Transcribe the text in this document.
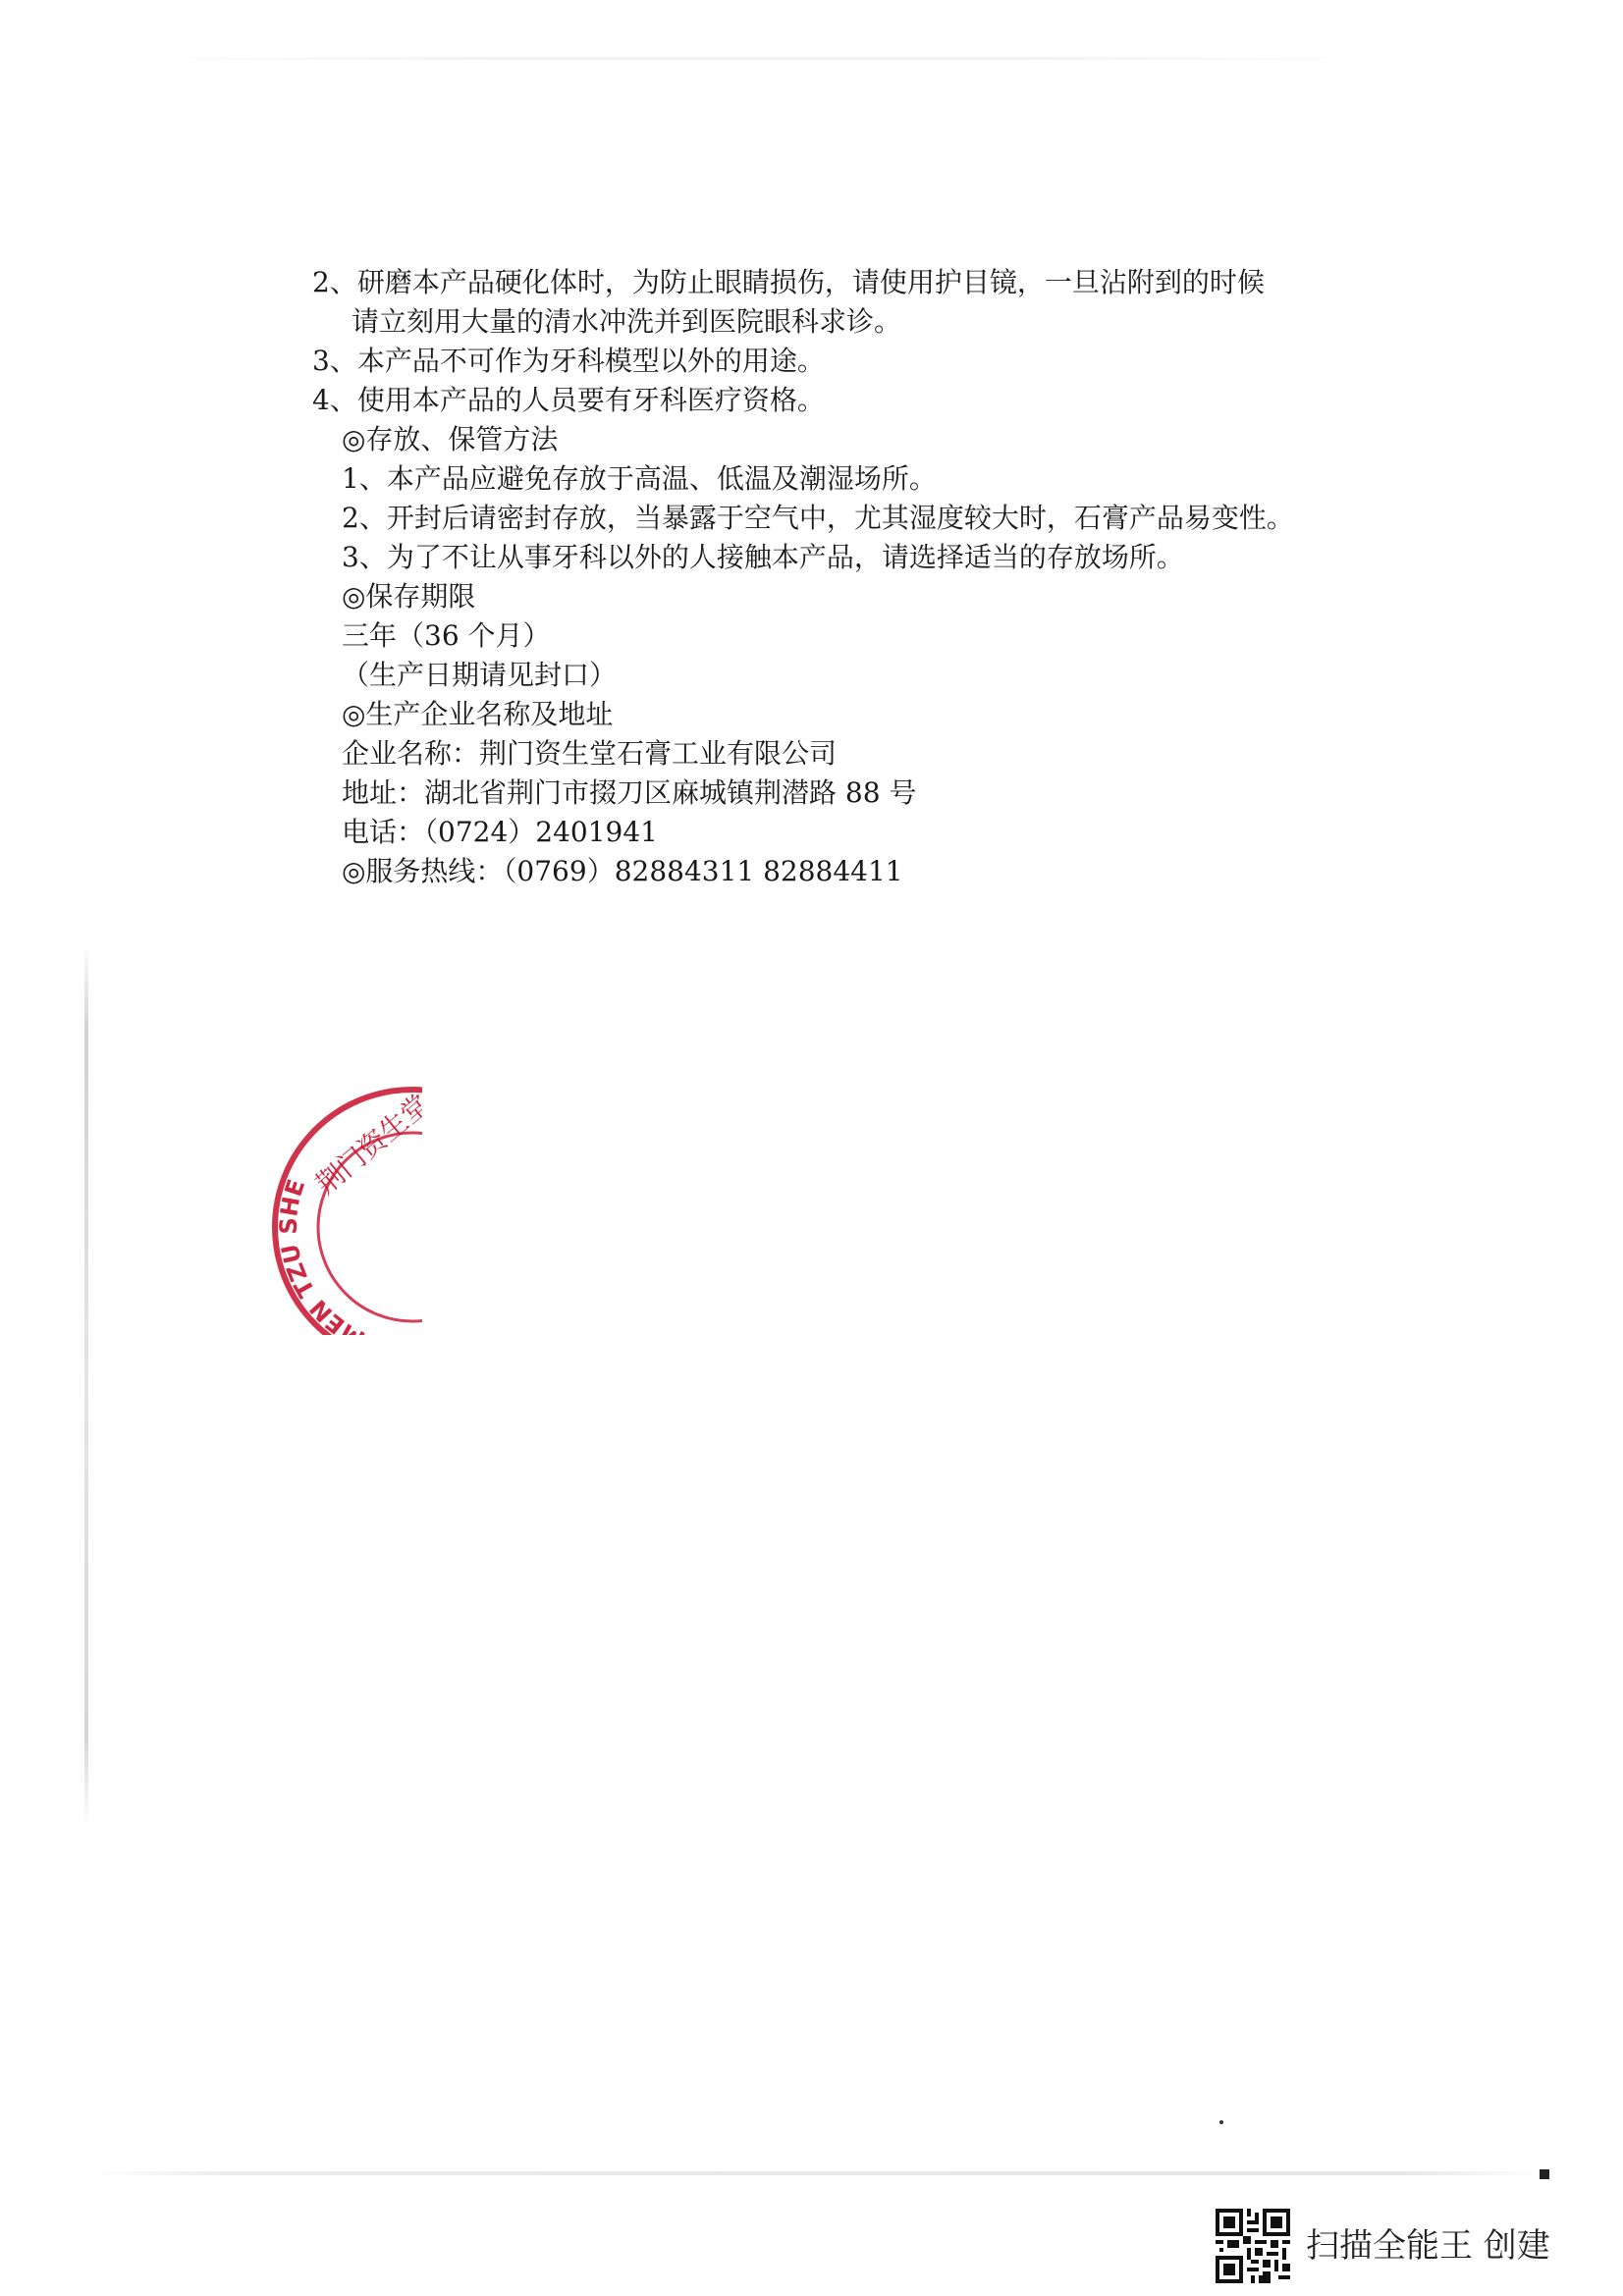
2、研磨本产品硬化体时，为防止眼睛损伤，请使用护目镜，一旦沾附到的时候
请立刻用大量的清水冲洗并到医院眼科求诊。
3、本产品不可作为牙科模型以外的用途。
4、使用本产品的人员要有牙科医疗资格。
◎存放、保管方法
1、本产品应避免存放于高温、低温及潮湿场所。
2、开封后请密封存放，当暴露于空气中，尤其湿度较大时，石膏产品易变性。
3、为了不让从事牙科以外的人接触本产品，请选择适当的存放场所。
◎保存期限
三年（36 个月）
（生产日期请见封口）
◎生产企业名称及地址
企业名称：荆门资生堂石膏工业有限公司
地址：湖北省荆门市掇刀区麻城镇荆潜路 88 号
电话：（0724）2401941
◎服务热线：（0769）82884311 82884411
JINGMEN TZU SHE
荆门资生堂
扫描全能王 创建
